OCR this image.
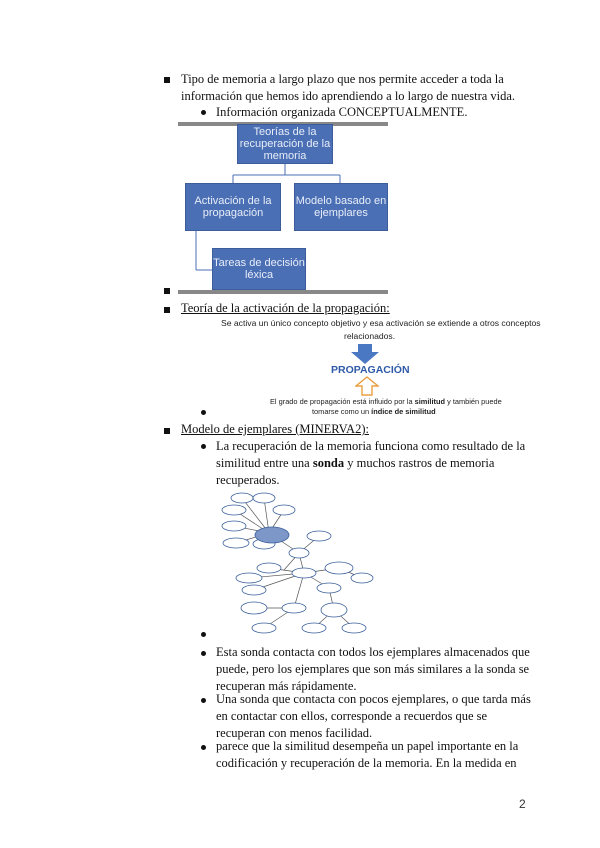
Tipo de memoria a largo plazo que nos permite acceder a toda la
información que hemos ido aprendiendo a lo largo de nuestra vida.
Información organizada CONCEPTUALMENTE.
Teorías de la recuperación de la memoria
Activación de la propagación
Modelo basado en ejemplares
Tareas de decisión léxica
Teoría de la activación de la propagación:
Se activa un único concepto objetivo y esa activación se extiende a otros conceptos
relacionados.
PROPAGACIÓN
El grado de propagación está influido por la similitud y también puede
tomarse como un índice de similitud
Modelo de ejemplares (MINERVA2):
La recuperación de la memoria funciona como resultado de la
similitud entre una sonda y muchos rastros de memoria
recuperados.
Esta sonda contacta con todos los ejemplares almacenados que
puede, pero los ejemplares que son más similares a la sonda se
recuperan más rápidamente.
Una sonda que contacta con pocos ejemplares, o que tarda más
en contactar con ellos, corresponde a recuerdos que se
recuperan con menos facilidad.
parece que la similitud desempeña un papel importante en la
codificación y recuperación de la memoria. En la medida en
2
